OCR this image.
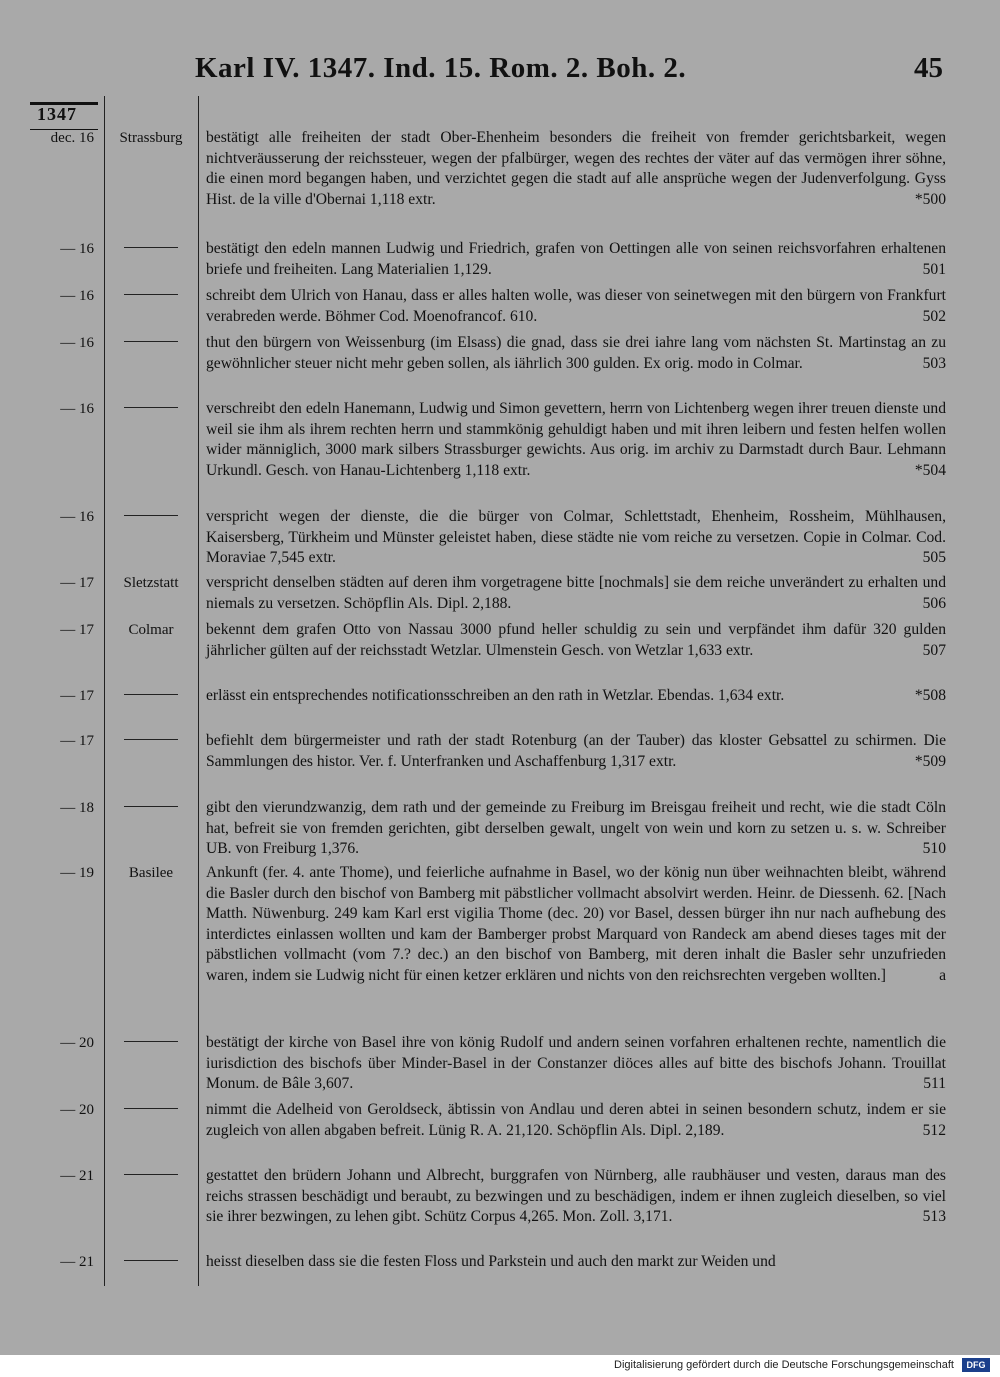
Karl IV. 1347. Ind. 15. Rom. 2. Boh. 2.	45
1347
dec. 16	Strassburg	bestätigt alle freiheiten der stadt Ober-Ehenheim besonders die freiheit von fremder gerichtsbarkeit, wegen nichtveräusserung der reichssteuer, wegen der pfalbürger, wegen des rechtes der väter auf das vermögen ihrer söhne, die einen mord begangen haben, und verzichtet gegen die stadt auf alle ansprüche wegen der Judenverfolgung. Gyss Hist. de la ville d'Obernai 1,118 extr.	*500
— 16	bestätigt den edeln mannen Ludwig und Friedrich, grafen von Oettingen alle von seinen reichsvorfahren erhaltenen briefe und freiheiten. Lang Materialien 1,129.	501
— 16	schreibt dem Ulrich von Hanau, dass er alles halten wolle, was dieser von seinetwegen mit den bürgern von Frankfurt verabreden werde. Böhmer Cod. Moenofrancof. 610.	502
— 16	thut den bürgern von Weissenburg (im Elsass) die gnad, dass sie drei iahre lang vom nächsten St. Martinstag an zu gewöhnlicher steuer nicht mehr geben sollen, als iährlich 300 gulden. Ex orig. modo in Colmar.	503
— 16	verschreibt den edeln Hanemann, Ludwig und Simon gevettern, herrn von Lichtenberg wegen ihrer treuen dienste und weil sie ihm als ihrem rechten herrn und stammkönig gehuldigt haben und mit ihren leibern und festen helfen wollen wider männiglich, 3000 mark silbers Strassburger gewichts. Aus orig. im archiv zu Darmstadt durch Baur. Lehmann Urkundl. Gesch. von Hanau-Lichtenberg 1,118 extr.	*504
— 16	verspricht wegen der dienste, die die bürger von Colmar, Schlettstadt, Ehenheim, Rossheim, Mühlhausen, Kaisersberg, Türkheim und Münster geleistet haben, diese städte nie vom reiche zu versetzen. Copie in Colmar. Cod. Moraviae 7,545 extr.	505
— 17	Sletzstatt	verspricht denselben städten auf deren ihm vorgetragene bitte [nochmals] sie dem reiche unverändert zu erhalten und niemals zu versetzen. Schöpflin Als. Dipl. 2,188.	506
— 17	Colmar	bekennt dem grafen Otto von Nassau 3000 pfund heller schuldig zu sein und verpfändet ihm dafür 320 gulden jährlicher gülten auf der reichsstadt Wetzlar. Ulmenstein Gesch. von Wetzlar 1,633 extr.	507
— 17	erlässt ein entsprechendes notificationsschreiben an den rath in Wetzlar. Ebendas. 1,634 extr.	*508
— 17	befiehlt dem bürgermeister und rath der stadt Rotenburg (an der Tauber) das kloster Gebsattel zu schirmen. Die Sammlungen des histor. Ver. f. Unterfranken und Aschaffenburg 1,317 extr.	*509
— 18	gibt den vierundzwanzig, dem rath und der gemeinde zu Freiburg im Breisgau freiheit und recht, wie die stadt Cöln hat, befreit sie von fremden gerichten, gibt derselben gewalt, ungelt von wein und korn zu setzen u. s. w. Schreiber UB. von Freiburg 1,376.	510
— 19	Basilee	Ankunft (fer. 4. ante Thome), und feierliche aufnahme in Basel, wo der könig nun über weihnachten bleibt, während die Basler durch den bischof von Bamberg mit päbstlicher vollmacht absolvirt werden. Heinr. de Diessenh. 62. [Nach Matth. Nüwenburg. 249 kam Karl erst vigilia Thome (dec. 20) vor Basel, dessen bürger ihn nur nach aufhebung des interdictes einlassen wollten und kam der Bamberger probst Marquard von Randeck am abend dieses tages mit der päbstlichen vollmacht (vom 7.? dec.) an den bischof von Bamberg, mit deren inhalt die Basler sehr unzufrieden waren, indem sie Ludwig nicht für einen ketzer erklären und nichts von den reichsrechten vergeben wollten.]	a
— 20	bestätigt der kirche von Basel ihre von könig Rudolf und andern seinen vorfahren erhaltenen rechte, namentlich die iurisdiction des bischofs über Minder-Basel in der Constanzer diöces alles auf bitte des bischofs Johann. Trouillat Monum. de Bâle 3,607.	511
— 20	nimmt die Adelheid von Geroldseck, äbtissin von Andlau und deren abtei in seinen besondern schutz, indem er sie zugleich von allen abgaben befreit. Lünig R. A. 21,120. Schöpflin Als. Dipl. 2,189.	512
— 21	gestattet den brüdern Johann und Albrecht, burggrafen von Nürnberg, alle raubhäuser und vesten, daraus man des reichs strassen beschädigt und beraubt, zu bezwingen und zu beschädigen, indem er ihnen zugleich dieselben, so viel sie ihrer bezwingen, zu lehen gibt. Schütz Corpus 4,265. Mon. Zoll. 3,171.	513
— 21	heisst dieselben dass sie die festen Floss und Parkstein und auch den markt zur Weiden und
Digitalisierung gefördert durch die Deutsche Forschungsgemeinschaft	DFG
